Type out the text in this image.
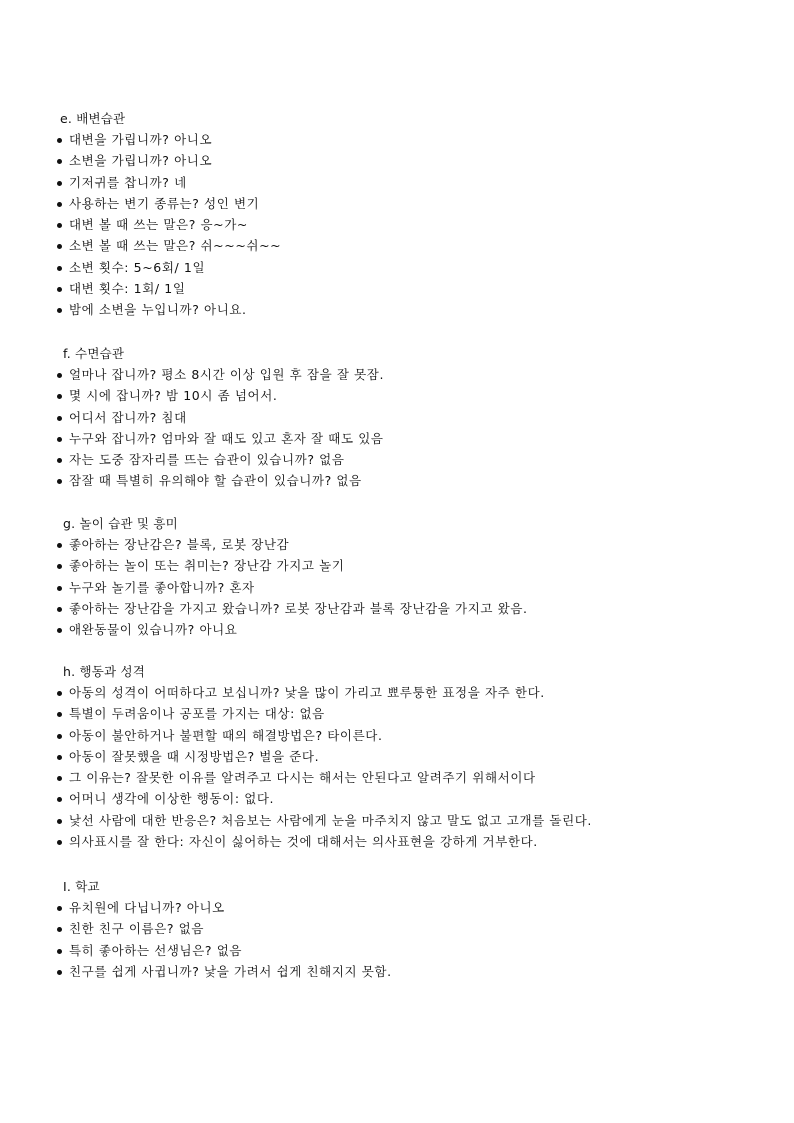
e. 배변습관
대변을 가립니까? 아니오
소변을 가립니까? 아니오
기저귀를 찹니까? 네
사용하는 변기 종류는? 성인 변기
대변 볼 때 쓰는 말은? 응~가~
소변 볼 때 쓰는 말은? 쉬~~~쉬~~
소변 횟수: 5~6회/ 1일
대변 횟수: 1회/ 1일
밤에 소변을 누입니까? 아니요.
f. 수면습관
얼마나 잡니까? 평소 8시간 이상 입원 후 잠을 잘 못잠.
몇 시에 잡니까? 밤 10시 좀 넘어서.
어디서 잡니까? 침대
누구와 잡니까? 엄마와 잘 때도 있고 혼자 잘 때도 있음
자는 도중 잠자리를 뜨는 습관이 있습니까? 없음
잠잘 때 특별히 유의해야 할 습관이 있습니까? 없음
g. 놀이 습관 및 흥미
좋아하는 장난감은? 블록, 로봇 장난감
좋아하는 놀이 또는 취미는? 장난감 가지고 놀기
누구와 놀기를 좋아합니까? 혼자
좋아하는 장난감을 가지고 왔습니까? 로봇 장난감과 블록 장난감을 가지고 왔음.
애완동물이 있습니까? 아니요
h. 행동과 성격
아동의 성격이 어떠하다고 보십니까? 낯을 많이 가리고 뾰루퉁한 표정을 자주 한다.
특별이 두려움이나 공포를 가지는 대상: 없음
아동이 불안하거나 불편할 때의 해결방법은? 타이른다.
아동이 잘못했을 때 시정방법은? 벌을 준다.
그 이유는? 잘못한 이유를 알려주고 다시는 해서는 안된다고 알려주기 위해서이다
어머니 생각에 이상한 행동이: 없다.
낯선 사람에 대한 반응은? 처음보는 사람에게 눈을 마주치지 않고 말도 없고 고개를 돌린다.
의사표시를 잘 한다: 자신이 싫어하는 것에 대해서는 의사표현을 강하게 거부한다.
I. 학교
유치원에 다닙니까? 아니오
친한 친구 이름은? 없음
특히 좋아하는 선생님은? 없음
친구를 쉽게 사귑니까? 낯을 가려서 쉽게 친해지지 못함.
